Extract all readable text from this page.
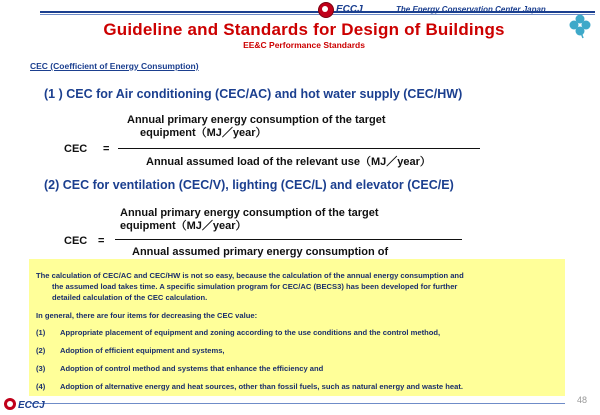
ECCJ	The Energy Conservation Center Japan
Guideline and Standards for Design of Buildings
EE&C Performance Standards
CEC (Coefficient of Energy Consumption)
(1 ) CEC for Air conditioning (CEC/AC) and hot water supply (CEC/HW)
CEC =
Annual primary energy consumption of the target
equipment（MJ／year）
Annual assumed load of the relevant use（MJ／year）
(2) CEC for ventilation (CEC/V), lighting (CEC/L) and elevator (CEC/E)
CEC =
Annual primary energy consumption of the target
equipment（MJ／year）
Annual assumed primary energy consumption of
The calculation of CEC/AC and CEC/HW is not so easy, because the calculation of the annual energy consumption and
the assumed load takes time. A specific simulation program for CEC/AC (BECS3) has been developed for further
detailed calculation of the CEC calculation.
In general, there are four items for decreasing the CEC value:
(1) Appropriate placement of equipment and zoning according to the use conditions and the control method,
(2) Adoption of efficient equipment and systems,
(3) Adoption of control method and systems that enhance the efficiency and
(4) Adoption of alternative energy and heat sources, other than fossil fuels, such as natural energy and waste heat.
ECCJ	48
